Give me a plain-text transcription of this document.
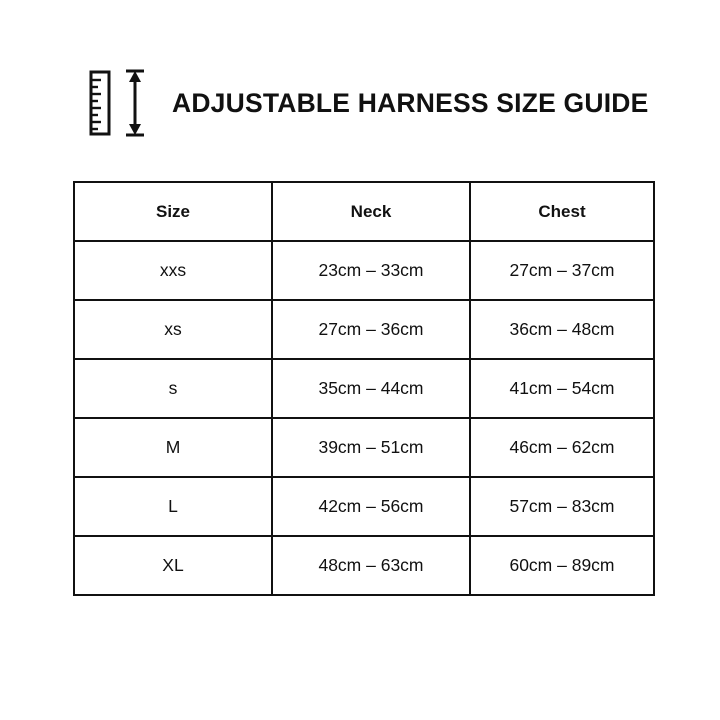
ADJUSTABLE HARNESS SIZE GUIDE
Size	Neck	Chest
xxs	23cm – 33cm	27cm – 37cm
xs	27cm – 36cm	36cm – 48cm
s	35cm – 44cm	41cm – 54cm
M	39cm – 51cm	46cm – 62cm
L	42cm – 56cm	57cm – 83cm
XL	48cm – 63cm	60cm – 89cm
